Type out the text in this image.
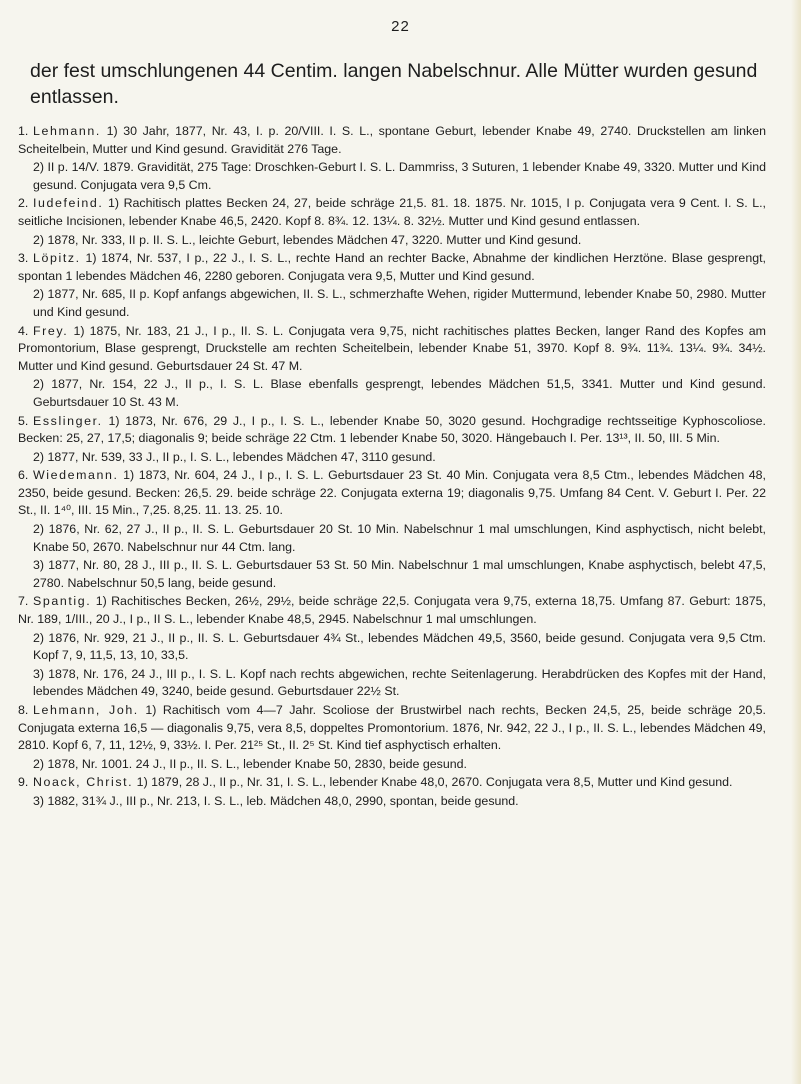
22
der fest umschlungenen 44 Centim. langen Nabelschnur. Alle Mütter wurden gesund entlassen.

1. Lehmann. 1) 30 Jahr, 1877, Nr. 43, I. p. 20/VIII. I. S. L., spontane Geburt, lebender Knabe 49, 2740. Druckstellen am linken Scheitelbein, Mutter und Kind gesund. Gravidität 276 Tage.

2) II p. 14/V. 1879. Gravidität, 275 Tage: Droschken-Geburt I. S. L. Dammriss, 3 Suturen, 1 lebender Knabe 49, 3320. Mutter und Kind gesund. Conjugata vera 9,5 Cm.

2. Iudefeind. 1) Rachitisch plattes Becken 24, 27, beide schräge 21,5. 81. 18. 1875. Nr. 1015, I p. Conjugata vera 9 Cent. I. S. L., seitliche Incisionen, lebender Knabe 46,5, 2420. Kopf 8. 8¾. 12. 13¼. 8. 32½. Mutter und Kind gesund entlassen.

2) 1878, Nr. 333, II p. II. S. L., leichte Geburt, lebendes Mädchen 47, 3220. Mutter und Kind gesund.

3. Löpitz. 1) 1874, Nr. 537, I p., 22 J., I. S. L., rechte Hand an rechter Backe, Abnahme der kindlichen Herztöne. Blase gesprengt, spontan 1 lebendes Mädchen 46, 2280 geboren. Conjugata vera 9,5, Mutter und Kind gesund.

2) 1877, Nr. 685, II p. Kopf anfangs abgewichen, II. S. L., schmerzhafte Wehen, rigider Muttermund, lebender Knabe 50, 2980. Mutter und Kind gesund.

4. Frey. 1) 1875, Nr. 183, 21 J., I p., II. S. L. Conjugata vera 9,75, nicht rachitisches plattes Becken, langer Rand des Kopfes am Promontorium, Blase gesprengt, Druckstelle am rechten Scheitelbein, lebender Knabe 51, 3970. Kopf 8. 9¾. 11¾. 13¼. 9¾. 34½. Mutter und Kind gesund. Geburtsdauer 24 St. 47 M.

2) 1877, Nr. 154, 22 J., II p., I. S. L. Blase ebenfalls gesprengt, lebendes Mädchen 51,5, 3341. Mutter und Kind gesund. Geburtsdauer 10 St. 43 M.

5. Esslinger. 1) 1873, Nr. 676, 29 J., I p., I. S. L., lebender Knabe 50, 3020 gesund. Hochgradige rechtsseitige Kyphoscoliose. Becken: 25, 27, 17,5; diagonalis 9; beide schräge 22 Ctm. 1 lebender Knabe 50, 3020. Hängebauch I. Per. 13¹³, II. 50, III. 5 Min.

2) 1877, Nr. 539, 33 J., II p., I. S. L., lebendes Mädchen 47, 3110 gesund.

6. Wiedemann. 1) 1873, Nr. 604, 24 J., I p., I. S. L. Geburtsdauer 23 St. 40 Min. Conjugata vera 8,5 Ctm., lebendes Mädchen 48, 2350, beide gesund. Becken: 26,5. 29. beide schräge 22. Conjugata externa 19; diagonalis 9,75. Umfang 84 Cent. V. Geburt I. Per. 22 St., II. 1⁴⁰, III. 15 Min., 7,25. 8,25. 11. 13. 25. 10.

2) 1876, Nr. 62, 27 J., II p., II. S. L. Geburtsdauer 20 St. 10 Min. Nabelschnur 1 mal umschlungen, Kind asphyctisch, nicht belebt, Knabe 50, 2670. Nabelschnur nur 44 Ctm. lang.

3) 1877, Nr. 80, 28 J., III p., II. S. L. Geburtsdauer 53 St. 50 Min. Nabelschnur 1 mal umschlungen, Knabe asphyctisch, belebt 47,5, 2780. Nabelschnur 50,5 lang, beide gesund.

7. Spantig. 1) Rachitisches Becken, 26½, 29½, beide schräge 22,5. Conjugata vera 9,75, externa 18,75. Umfang 87. Geburt: 1875, Nr. 189, 1/III., 20 J., I p., II S. L., lebender Knabe 48,5, 2945. Nabelschnur 1 mal umschlungen.

2) 1876, Nr. 929, 21 J., II p., II. S. L. Geburtsdauer 4¾ St., lebendes Mädchen 49,5, 3560, beide gesund. Conjugata vera 9,5 Ctm. Kopf 7, 9, 11,5, 13, 10, 33,5.

3) 1878, Nr. 176, 24 J., III p., I. S. L. Kopf nach rechts abgewichen, rechte Seitenlagerung. Herabdrücken des Kopfes mit der Hand, lebendes Mädchen 49, 3240, beide gesund. Geburtsdauer 22½ St.

8. Lehmann, Joh. 1) Rachitisch vom 4—7 Jahr. Scoliose der Brustwirbel nach rechts, Becken 24,5, 25, beide schräge 20,5. Conjugata externa 16,5 — diagonalis 9,75, vera 8,5, doppeltes Promontorium. 1876, Nr. 942, 22 J., I p., II. S. L., lebendes Mädchen 49, 2810. Kopf 6, 7, 11, 12½, 9, 33½. I. Per. 21²⁵ St., II. 2⁵ St. Kind tief asphyctisch erhalten.

2) 1878, Nr. 1001. 24 J., II p., II. S. L., lebender Knabe 50, 2830, beide gesund.

9. Noack, Christ. 1) 1879, 28 J., II p., Nr. 31, I. S. L., lebender Knabe 48,0, 2670. Conjugata vera 8,5, Mutter und Kind gesund.

3) 1882, 31¾ J., III p., Nr. 213, I. S. L., leb. Mädchen 48,0, 2990, spontan, beide gesund.
